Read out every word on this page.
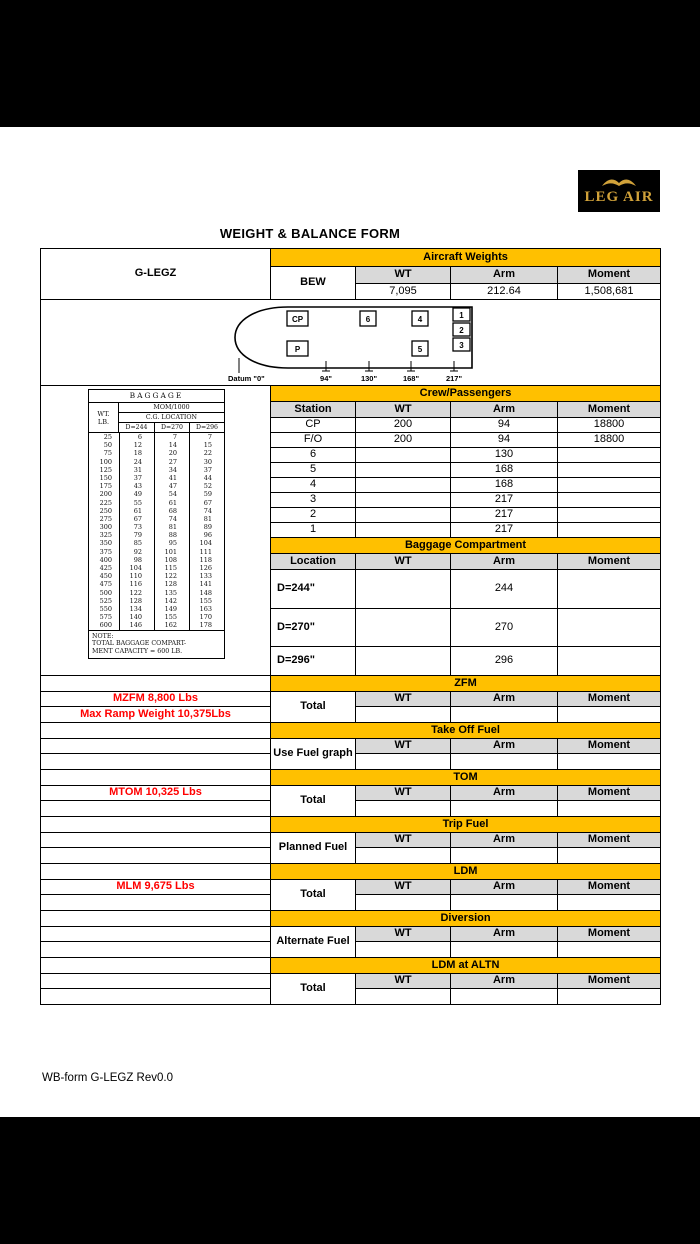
LEG AIR
WEIGHT & BALANCE FORM
G-LEGZ	Aircraft Weights			
	BEW	WT	Arm	Moment
		7,095	212.64	1,508,681

CP	6	4
P	5
1
2
3
Datum "0"	94"	130"	168"	217"

BAGGAGE
WT.
LB.
MOM/1000
C.G. LOCATION
D=244	D=270	D=296
25	6	7	7
50	12	14	15
75	18	20	22
100	24	27	30
125	31	34	37
150	37	41	44
175	43	47	52
200	49	54	59
225	55	61	67
250	61	68	74
275	67	74	81
300	73	81	89
325	79	88	96
350	85	95	104
375	92	101	111
400	98	108	118
425	104	115	126
450	110	122	133
475	116	128	141
500	122	135	148
525	128	142	155
550	134	149	163
575	140	155	170
600	146	162	178
NOTE:
TOTAL BAGGAGE COMPART-
MENT CAPACITY = 600 LB.
	Crew/Passengers
	Station	WT	Arm	Moment
	CP	200	94	18800
	F/O	200	94	18800
	6		130	
	5		168	
	4		168	
	3		217	
	2		217	
	1		217	
	Baggage Compartment			
	Location	WT	Arm	Moment
	D=244"		244	
	D=270"		270	
	D=296"		296	
	ZFM			
MZFM 8,800 Lbs	Total	WT	Arm	Moment
Max Ramp Weight 10,375Lbs				
	Take Off Fuel			
	Use Fuel graph	WT	Arm	Moment

	TOM			
MTOM 10,325 Lbs	Total	WT	Arm	Moment

	Trip Fuel			
	Planned Fuel	WT	Arm	Moment

	LDM			
MLM 9,675 Lbs	Total	WT	Arm	Moment

	Diversion			
	Alternate Fuel	WT	Arm	Moment

	LDM at ALTN			
	Total	WT	Arm	Moment

WB-form G-LEGZ Rev0.0
